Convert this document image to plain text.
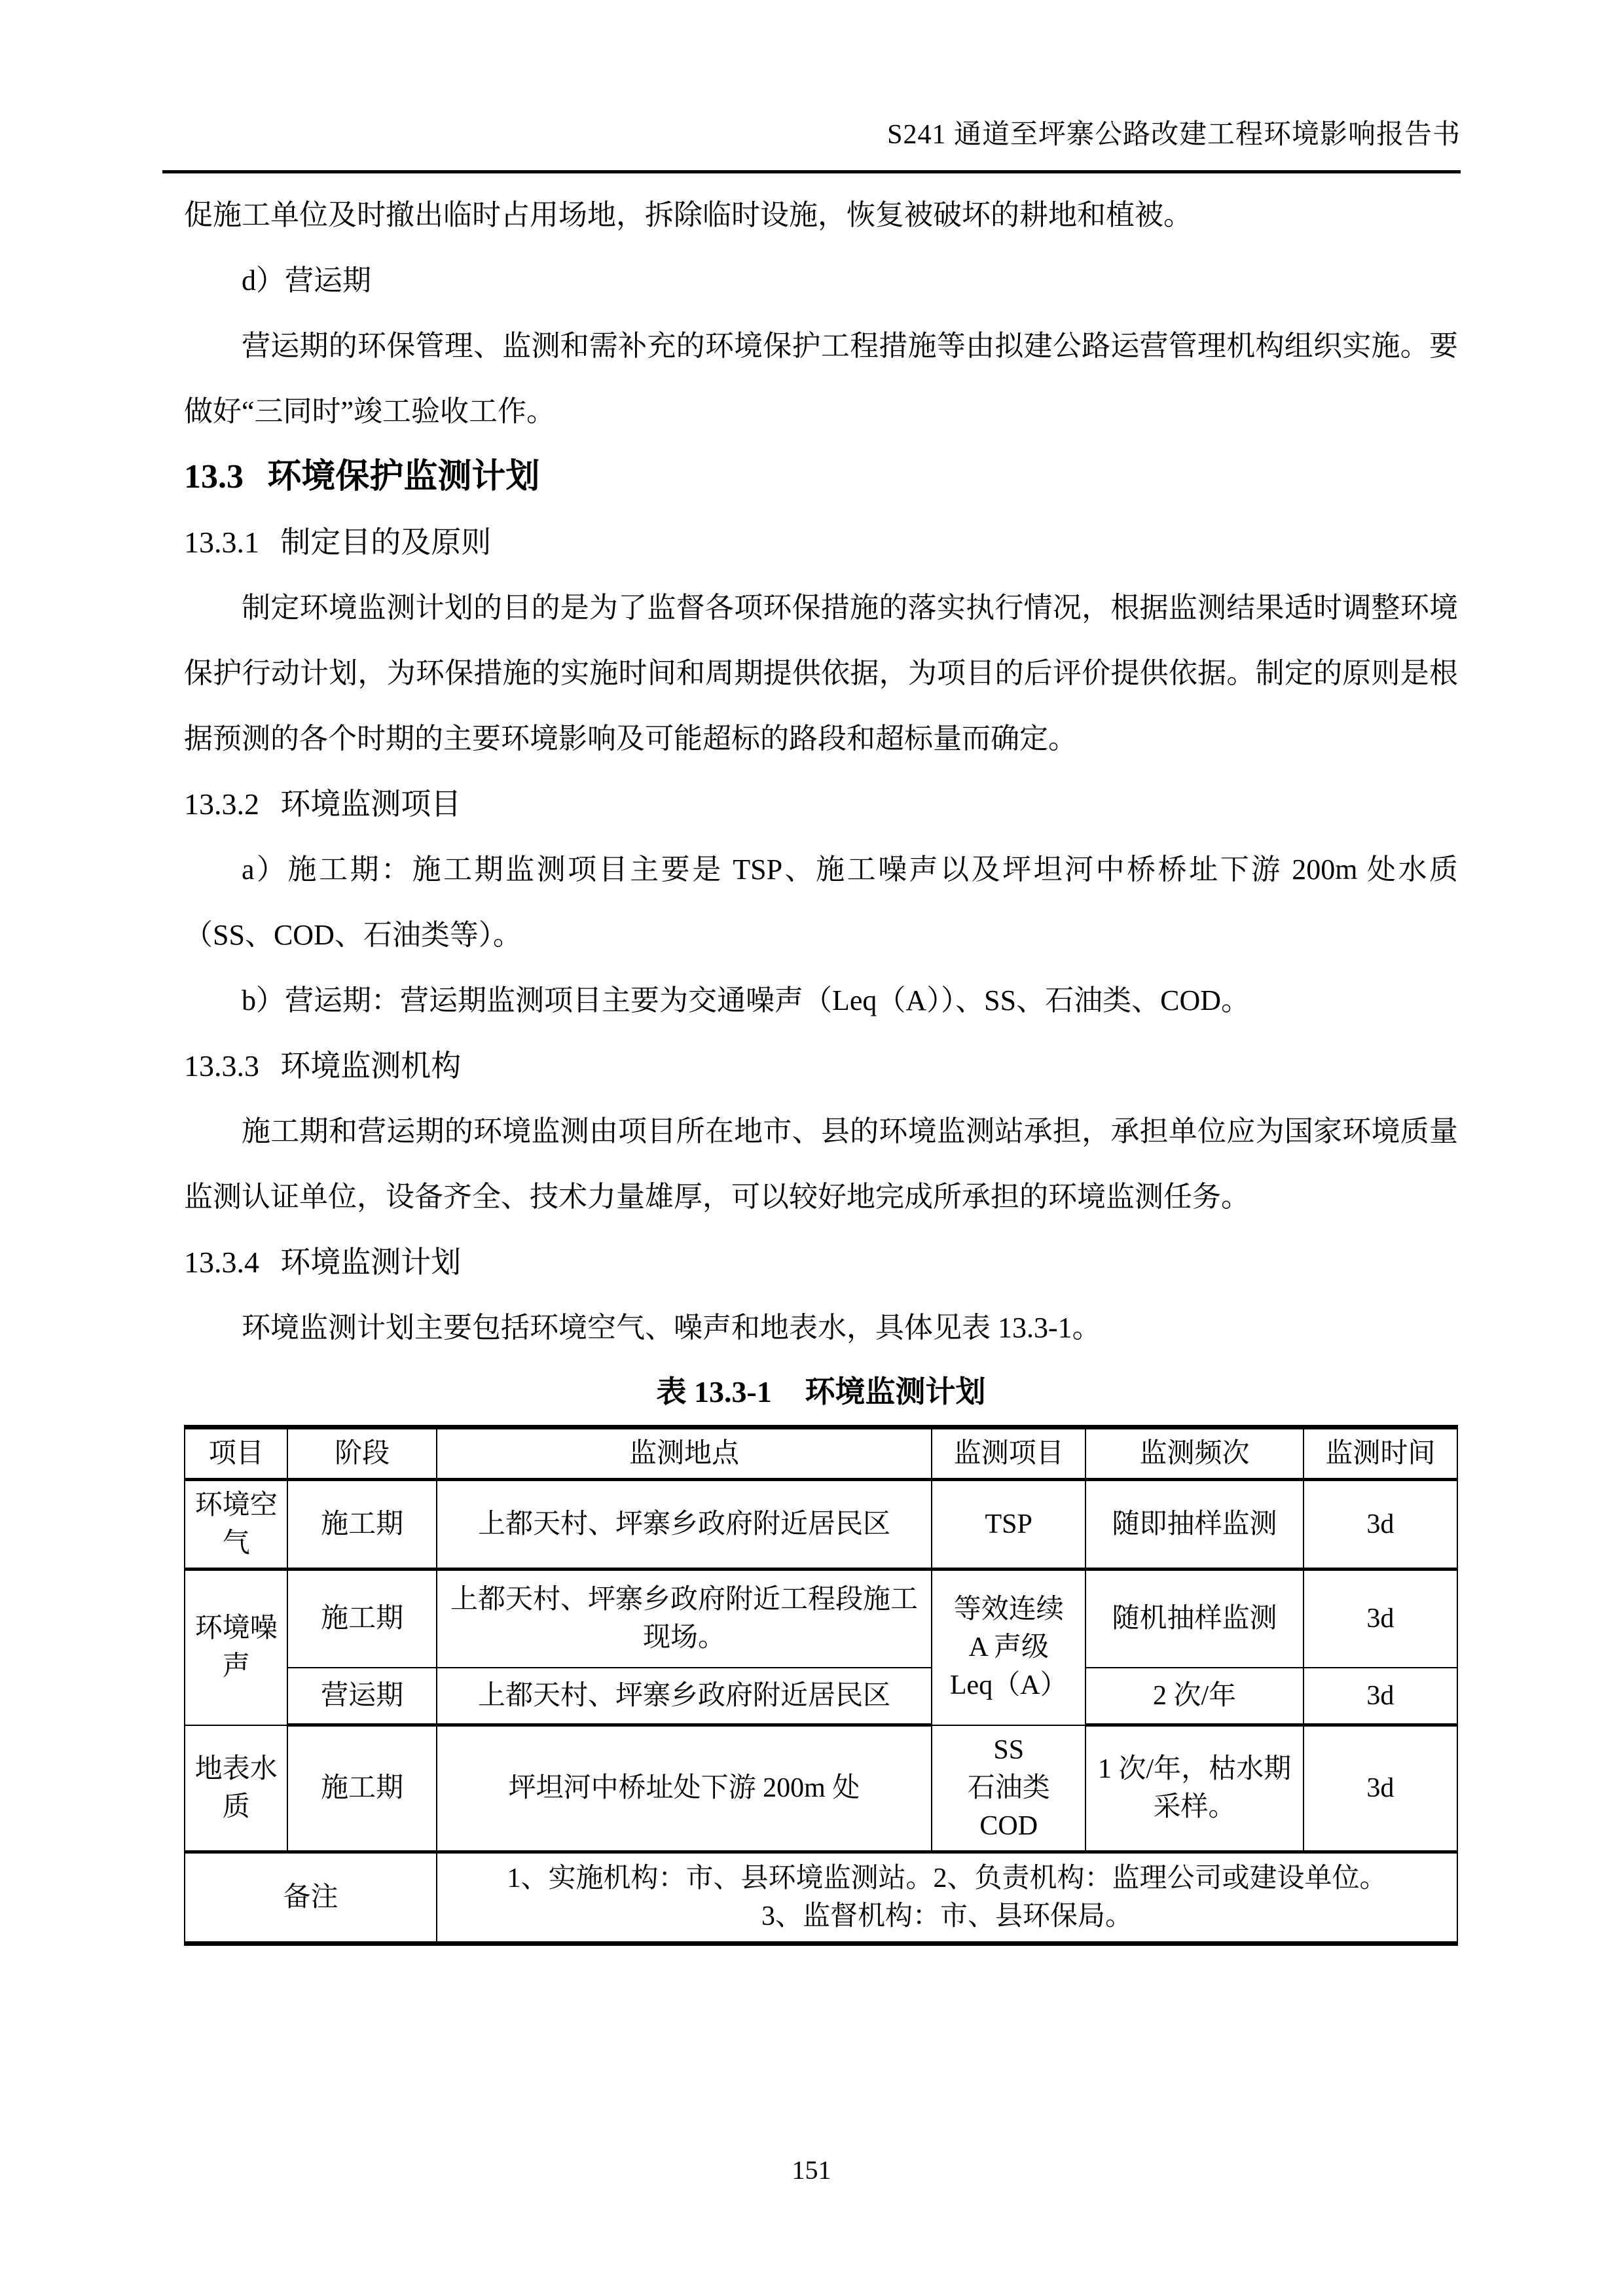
S241 通道至坪寨公路改建工程环境影响报告书

促施工单位及时撤出临时占用场地，拆除临时设施，恢复被破坏的耕地和植被。

d）营运期

营运期的环保管理、监测和需补充的环境保护工程措施等由拟建公路运营管理机构组织实施。要做好“三同时”竣工验收工作。

13.3 环境保护监测计划
13.3.1 制定目的及原则

制定环境监测计划的目的是为了监督各项环保措施的落实执行情况，根据监测结果适时调整环境保护行动计划，为环保措施的实施时间和周期提供依据，为项目的后评价提供依据。制定的原则是根据预测的各个时期的主要环境影响及可能超标的路段和超标量而确定。

13.3.2 环境监测项目

a）施工期：施工期监测项目主要是 TSP、施工噪声以及坪坦河中桥桥址下游 200m 处水质（SS、COD、石油类等）。

b）营运期：营运期监测项目主要为交通噪声（Leq（A））、SS、石油类、COD。

13.3.3 环境监测机构

施工期和营运期的环境监测由项目所在地市、县的环境监测站承担，承担单位应为国家环境质量监测认证单位，设备齐全、技术力量雄厚，可以较好地完成所承担的环境监测任务。

13.3.4 环境监测计划

环境监测计划主要包括环境空气、噪声和地表水，具体见表 13.3-1。

表 13.3-1 环境监测计划
项目	阶段	监测地点	监测项目	监测频次	监测时间
环境空气	施工期	上都天村、坪寨乡政府附近居民区	TSP	随即抽样监测	3d
环境噪声	施工期	上都天村、坪寨乡政府附近工程段施工现场。	等效连续
A 声级
Leq（A）	随机抽样监测	3d
	营运期	上都天村、坪寨乡政府附近居民区		2 次/年	3d
地表水质	施工期	坪坦河中桥址处下游 200m 处	SS
石油类
COD	1 次/年，枯水期采样。	3d
备注		1、实施机构：市、县环境监测站。2、负责机构：监理公司或建设单位。
3、监督机构：市、县环保局。			
151
